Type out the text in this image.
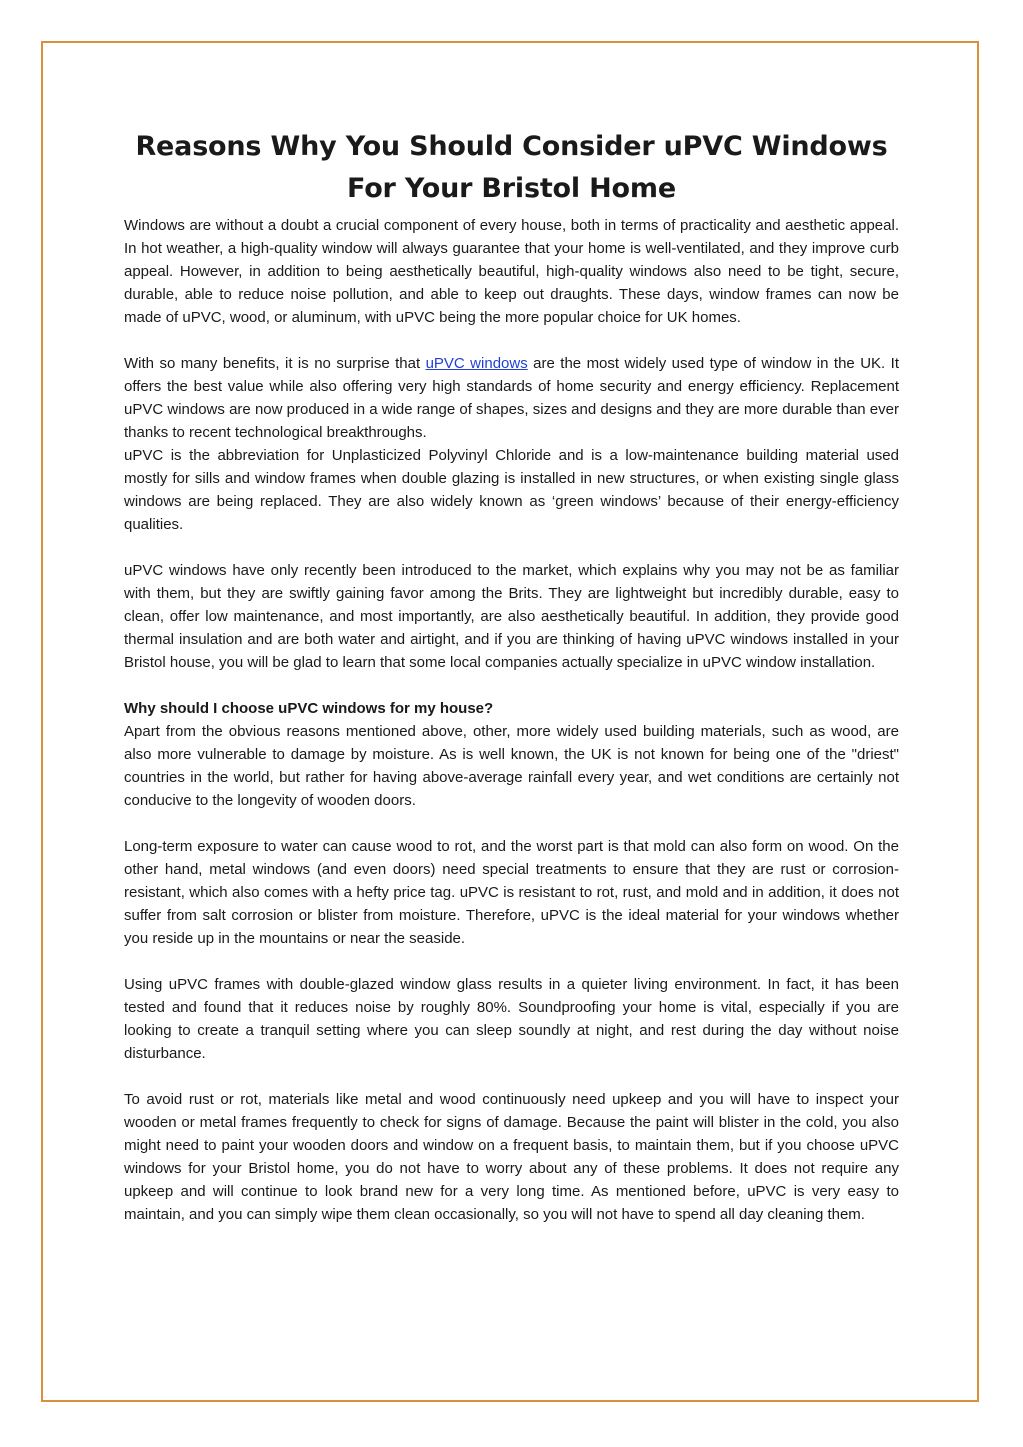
Reasons Why You Should Consider uPVC Windows For Your Bristol Home

Windows are without a doubt a crucial component of every house, both in terms of practicality and aesthetic appeal. In hot weather, a high-quality window will always guarantee that your home is well-ventilated, and they improve curb appeal. However, in addition to being aesthetically beautiful, high-quality windows also need to be tight, secure, durable, able to reduce noise pollution, and able to keep out draughts. These days, window frames can now be made of uPVC, wood, or aluminum, with uPVC being the more popular choice for UK homes.

With so many benefits, it is no surprise that uPVC windows are the most widely used type of window in the UK. It offers the best value while also offering very high standards of home security and energy efficiency. Replacement uPVC windows are now produced in a wide range of shapes, sizes and designs and they are more durable than ever thanks to recent technological breakthroughs.

uPVC is the abbreviation for Unplasticized Polyvinyl Chloride and is a low-maintenance building material used mostly for sills and window frames when double glazing is installed in new structures, or when existing single glass windows are being replaced. They are also widely known as ‘green windows’ because of their energy-efficiency qualities.

uPVC windows have only recently been introduced to the market, which explains why you may not be as familiar with them, but they are swiftly gaining favor among the Brits. They are lightweight but incredibly durable, easy to clean, offer low maintenance, and most importantly, are also aesthetically beautiful. In addition, they provide good thermal insulation and are both water and airtight, and if you are thinking of having uPVC windows installed in your Bristol house, you will be glad to learn that some local companies actually specialize in uPVC window installation.

Why should I choose uPVC windows for my house?

Apart from the obvious reasons mentioned above, other, more widely used building materials, such as wood, are also more vulnerable to damage by moisture. As is well known, the UK is not known for being one of the "driest" countries in the world, but rather for having above-average rainfall every year, and wet conditions are certainly not conducive to the longevity of wooden doors.

Long-term exposure to water can cause wood to rot, and the worst part is that mold can also form on wood. On the other hand, metal windows (and even doors) need special treatments to ensure that they are rust or corrosion-resistant, which also comes with a hefty price tag. uPVC is resistant to rot, rust, and mold and in addition, it does not suffer from salt corrosion or blister from moisture. Therefore, uPVC is the ideal material for your windows whether you reside up in the mountains or near the seaside.

Using uPVC frames with double-glazed window glass results in a quieter living environment. In fact, it has been tested and found that it reduces noise by roughly 80%. Soundproofing your home is vital, especially if you are looking to create a tranquil setting where you can sleep soundly at night, and rest during the day without noise disturbance.

To avoid rust or rot, materials like metal and wood continuously need upkeep and you will have to inspect your wooden or metal frames frequently to check for signs of damage. Because the paint will blister in the cold, you also might need to paint your wooden doors and window on a frequent basis, to maintain them, but if you choose uPVC windows for your Bristol home, you do not have to worry about any of these problems. It does not require any upkeep and will continue to look brand new for a very long time. As mentioned before, uPVC is very easy to maintain, and you can simply wipe them clean occasionally, so you will not have to spend all day cleaning them.
